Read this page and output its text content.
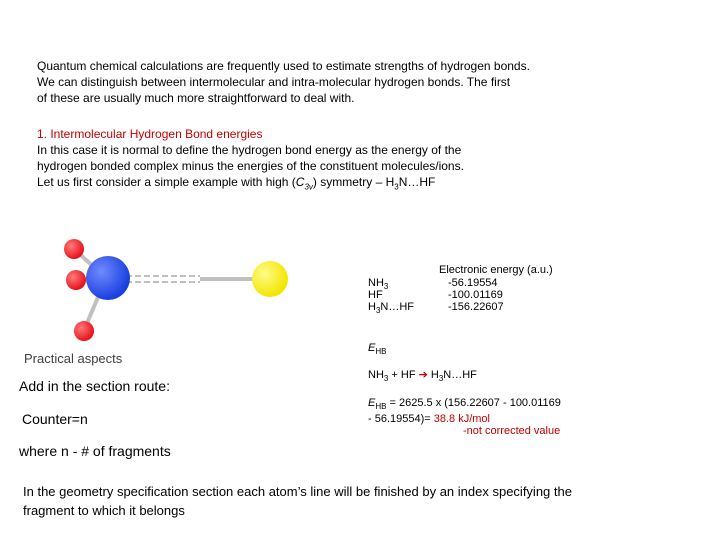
Quantum chemical calculations are frequently used to estimate strengths of hydrogen bonds.
We can distinguish between intermolecular and intra-molecular hydrogen bonds. The first
of these are usually much more straightforward to deal with.
1. Intermolecular Hydrogen Bond energies
In this case it is normal to define the hydrogen bond energy as the energy of the
hydrogen bonded complex minus the energies of the constituent molecules/ions.
Let us first consider a simple example with high $(C_{3v})$ symmetry – $H_3N\dots HF$
Electronic energy (a.u.)
$NH_3$	-56.19554
HF	-100.01169
$H_3N\dots HF$	-156.22607
$E_{HB}$
$NH_3$ + HF ➔ $H_3N\dots HF$
$E_{HB} = 2625.5$ x (156.22607 - 100.01169
- 56.19554)= 38.8 kJ/mol
-not corrected value
Practical aspects
Add in the section route:
Counter=n
where n - # of fragments
In the geometry specification section each atom’s line will be finished by an index specifying the
fragment to which it belongs
